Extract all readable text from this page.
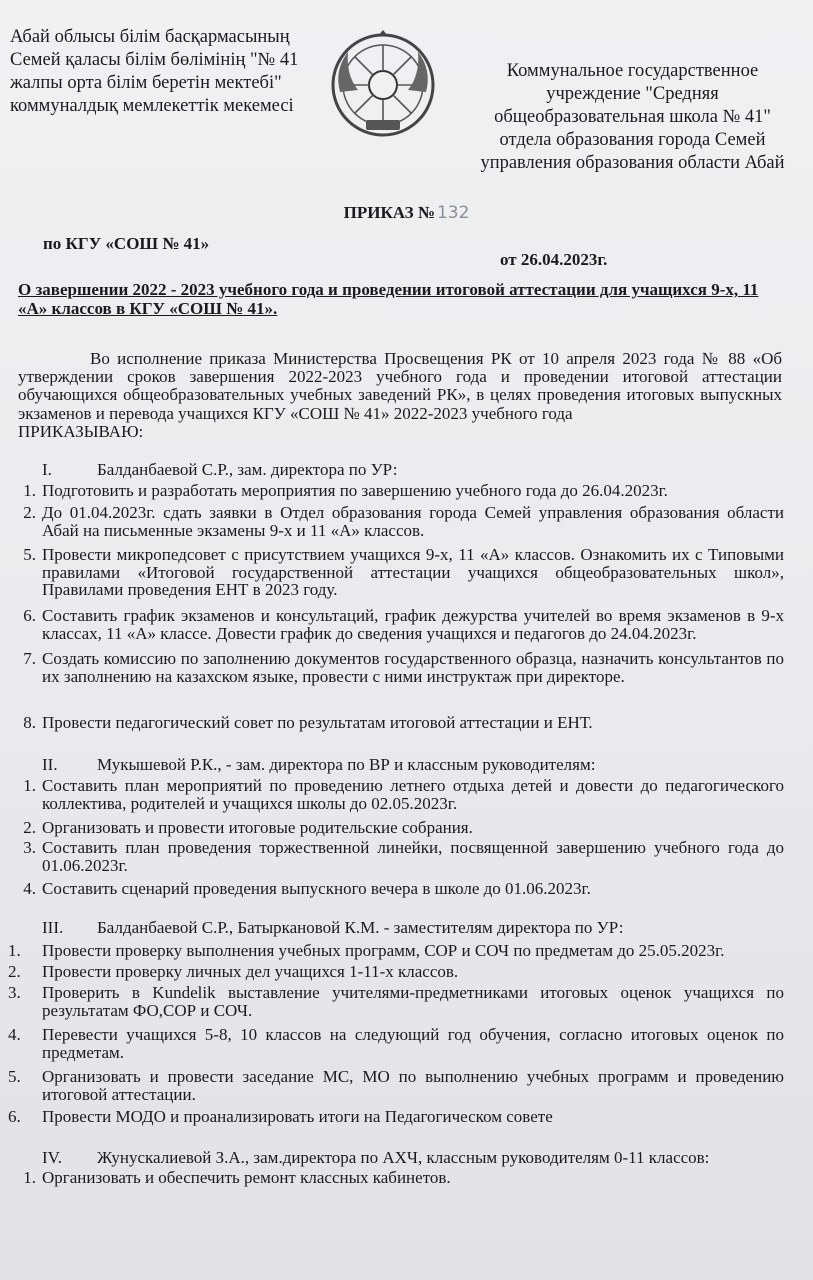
Абай облысы білім басқармасының
Семей қаласы білім бөлімінің "№ 41
жалпы орта білім беретін мектебі"
коммуналдық мемлекеттік мекемесі
Коммунальное государственное
учреждение "Средняя
общеобразовательная школа № 41"
отдела образования города Семей
управления образования области Абай
ПРИКАЗ № 132
по КГУ «СОШ № 41»
от 26.04.2023г.
О завершении 2022 - 2023 учебного года и проведении итоговой аттестации для учащихся 9-х, 11 «А» классов в КГУ «СОШ № 41».
Во исполнение приказа Министерства Просвещения РК от 10 апреля 2023 года № 88 «Об утверждении сроков завершения 2022-2023 учебного года и проведении итоговой аттестации обучающихся общеобразовательных учебных заведений РК», в целях проведения итоговых выпускных экзаменов и перевода учащихся КГУ «СОШ № 41» 2022-2023 учебного года
ПРИКАЗЫВАЮ:
I.	Балданбаевой С.Р., зам. директора по УР:
1. Подготовить и разработать мероприятия по завершению учебного года до 26.04.2023г.
2. До 01.04.2023г. сдать заявки в Отдел образования города Семей управления образования области Абай на письменные экзамены 9-х и 11 «А» классов.
5. Провести микропедсовет с присутствием учащихся 9-х, 11 «А» классов. Ознакомить их с Типовыми правилами «Итоговой государственной аттестации учащихся общеобразовательных школ», Правилами проведения ЕНТ в 2023 году.
6. Составить график экзаменов и консультаций, график дежурства учителей во время экзаменов в 9-х классах, 11 «А» классе. Довести график до сведения учащихся и педагогов до 24.04.2023г.
7. Создать комиссию по заполнению документов государственного образца, назначить консультантов по их заполнению на казахском языке, провести с ними инструктаж при директоре.
8. Провести педагогический совет по результатам итоговой аттестации и ЕНТ.
II. Мукышевой Р.К., - зам. директора по ВР и классным руководителям:
1. Составить план мероприятий по проведению летнего отдыха детей и довести до педагогического коллектива, родителей и учащихся школы до 02.05.2023г.
2. Организовать и провести итоговые родительские собрания.
3. Составить план проведения торжественной линейки, посвященной завершению учебного года до 01.06.2023г.
4. Составить сценарий проведения выпускного вечера в школе до 01.06.2023г.
III. Балданбаевой С.Р., Батыркановой К.М. - заместителям директора по УР:
1.	Провести проверку выполнения учебных программ, СОР и СОЧ по предметам до 25.05.2023г.
2.	Провести проверку личных дел учащихся 1-11-х классов.
3.	Проверить в Kundelik выставление учителями-предметниками итоговых оценок учащихся по результатам ФО,СОР и СОЧ.
4.	Перевести учащихся 5-8, 10 классов на следующий год обучения, согласно итоговых оценок по предметам.
5.	Организовать и провести заседание МС, МО по выполнению учебных программ и проведению итоговой аттестации.
6.	Провести МОДО и проанализировать итоги на Педагогическом совете
IV. Жунускалиевой З.А., зам.директора по АХЧ, классным руководителям 0-11 классов:
1. Организовать и обеспечить ремонт классных кабинетов.
